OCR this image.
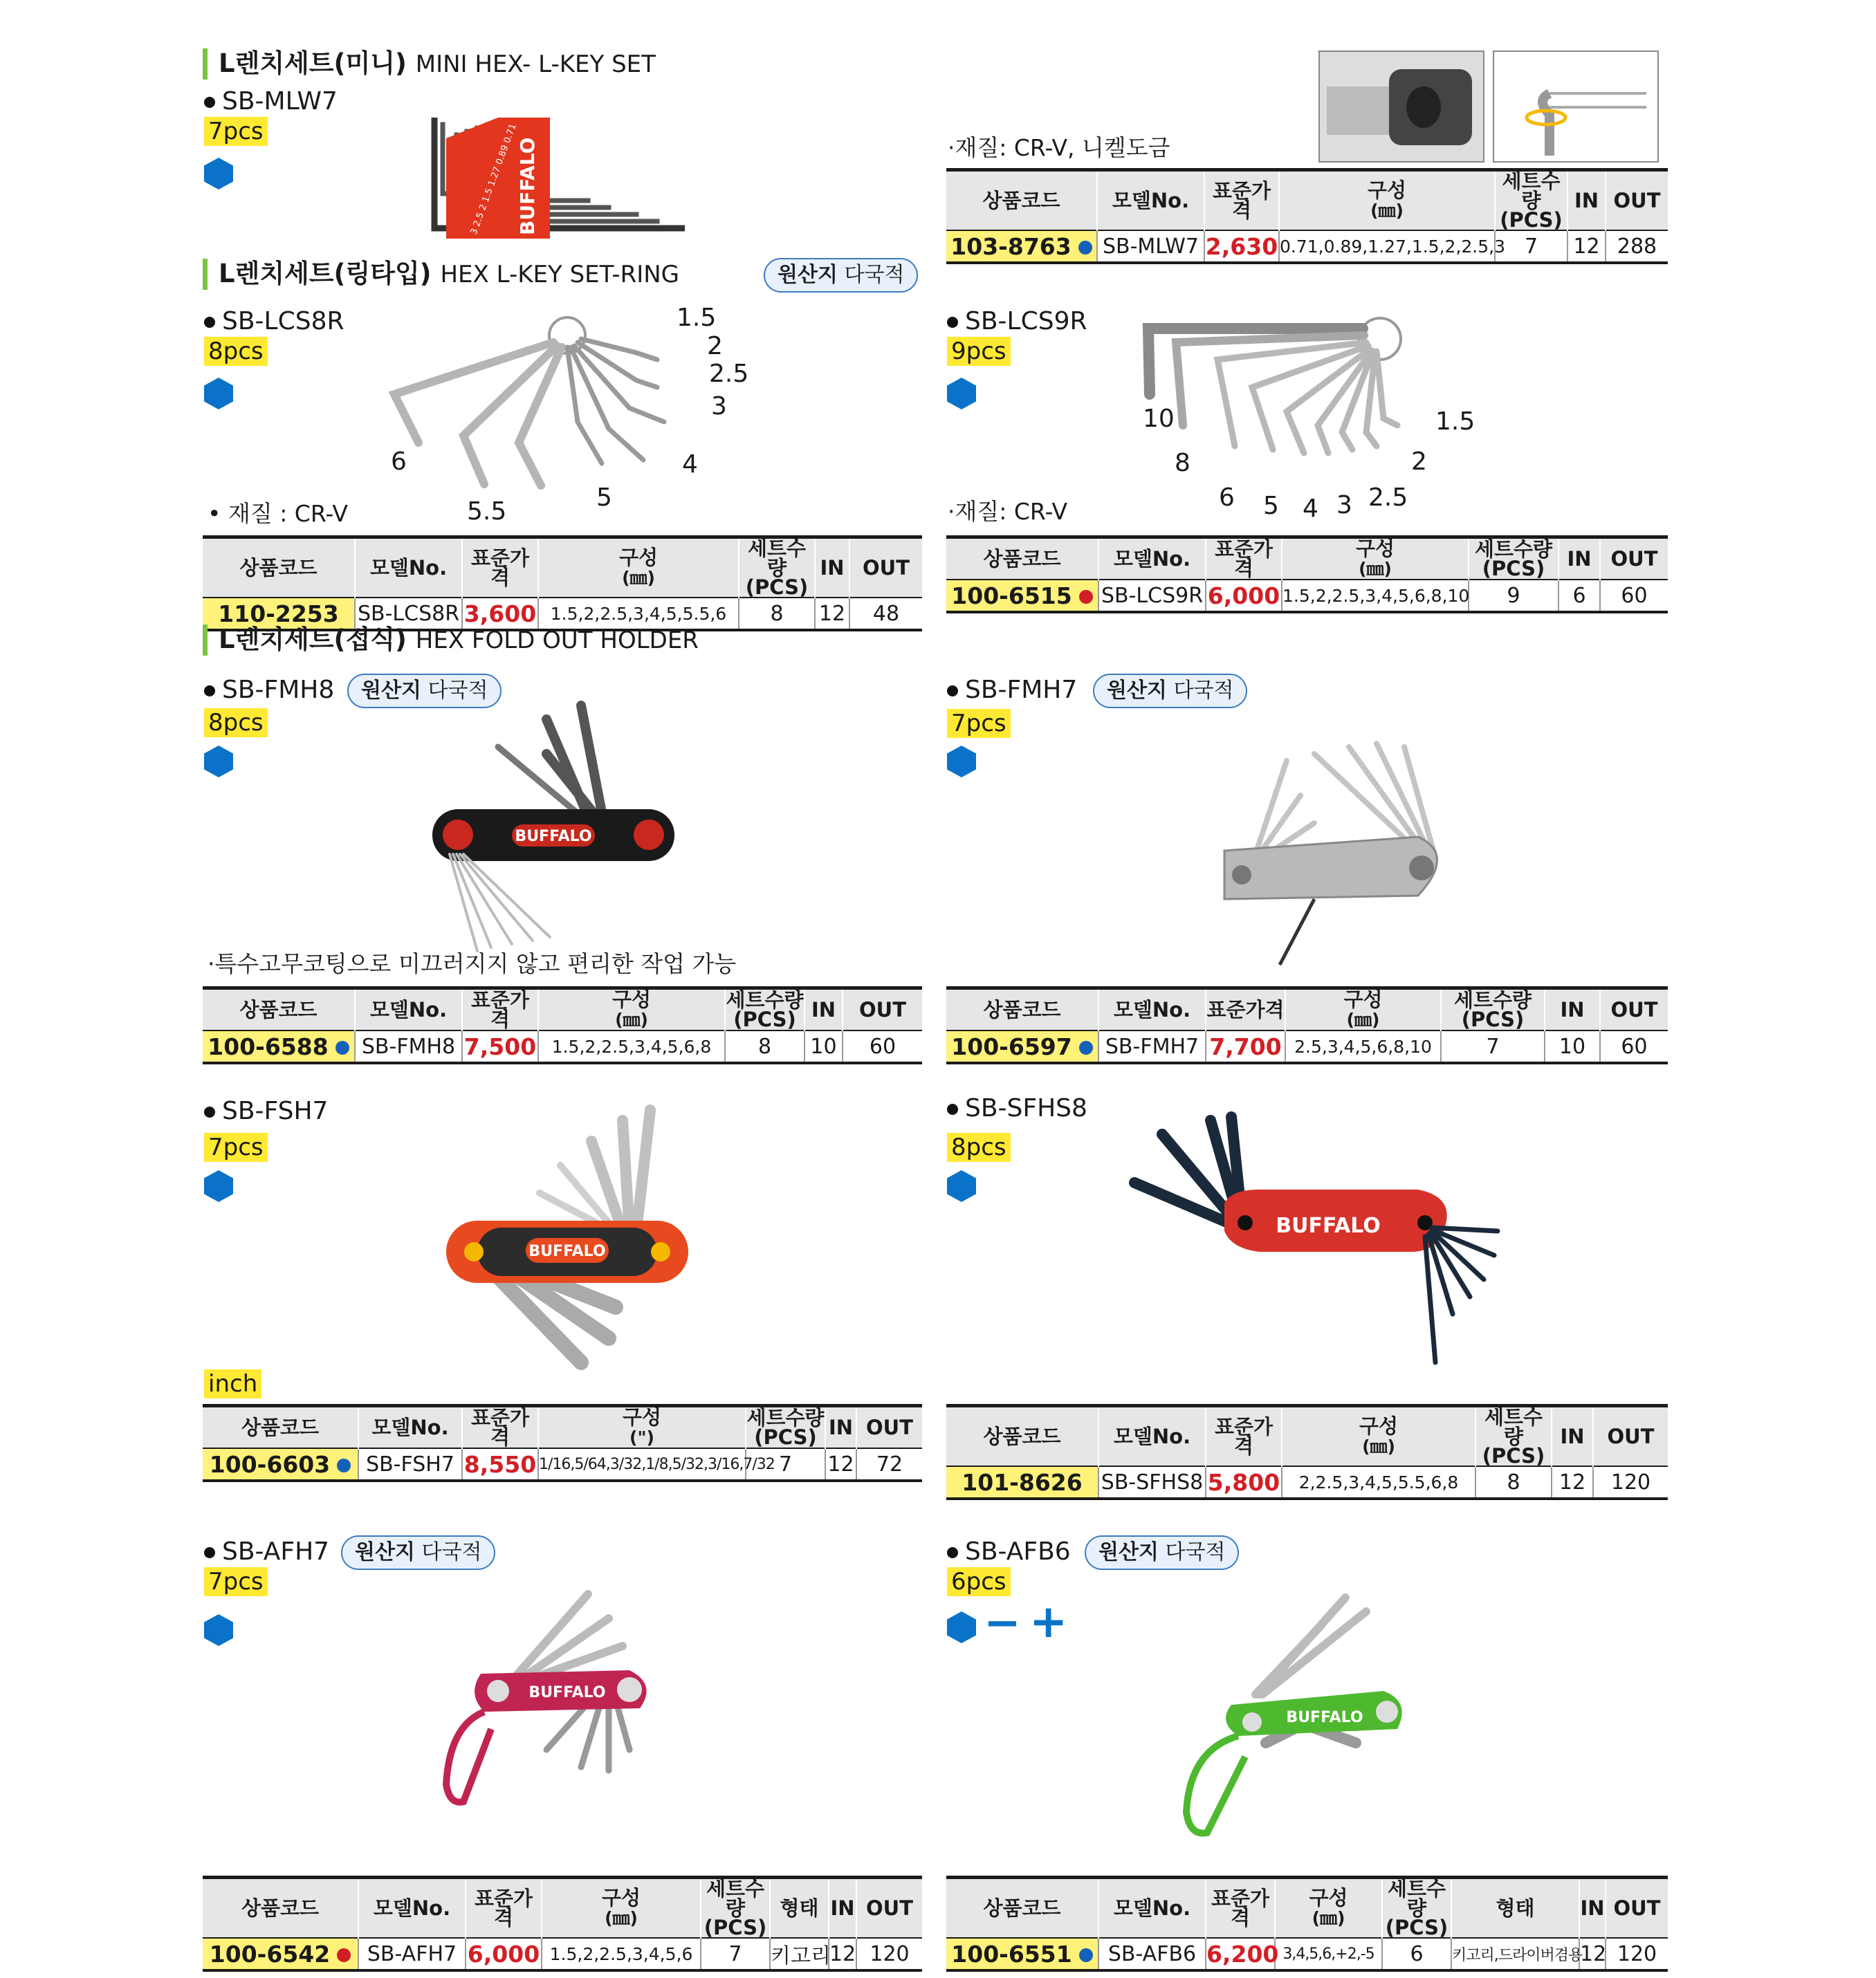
L렌치세트(미니) MINI HEX- L-KEY SET
SB-MLW7
7pcs
BUFFALO
3 2.5 2 1.5 1.27 0.89 0.71	·재질: CR-V, 니켈도금
상품코드	모델No.	표준가격	구성
(㎜)	세트수량
(PCS)	IN	OUT
103-8763	SB-MLW7	2,630	0.71,0.89,1.27,1.5,2,2.5,3	7	12	288
L렌치세트(링타입) HEX L-KEY SET-RING	원산지 다국적
SB-LCS8R
8pcs
1.5
2
2.5
3
4
5
5.5
6
• 재질 : CR-V
상품코드	모델No.	표준가격	구성
(㎜)	세트수량
(PCS)	IN	OUT
110-2253	SB-LCS8R	3,600	1.5,2,2.5,3,4,5,5.5,6	8	12	48
SB-LCS9R
9pcs
10
8
6 5 4 3 2.5
2
1.5
·재질: CR-V
상품코드	모델No.	표준가격	구성
(㎜)	세트수량
(PCS)	IN	OUT
100-6515	SB-LCS9R	6,000	1.5,2,2.5,3,4,5,6,8,10	9	6	60
L렌치세트(접식) HEX FOLD OUT HOLDER
SB-FMH8	원산지 다국적
8pcs
BUFFALO
·특수고무코팅으로 미끄러지지 않고 편리한 작업 가능
상품코드	모델No.	표준가격	구성
(㎜)	세트수량
(PCS)	IN	OUT
100-6588	SB-FMH8	7,500	1.5,2,2.5,3,4,5,6,8	8	10	60
SB-FMH7	원산지 다국적
7pcs
상품코드	모델No.	표준가격	구성
(㎜)	세트수량
(PCS)	IN	OUT
100-6597	SB-FMH7	7,700	2.5,3,4,5,6,8,10	7	10	60
SB-FSH7
7pcs
BUFFALO
inch
상품코드	모델No.	표준가격	구성
(")	세트수량
(PCS)	IN	OUT
100-6603	SB-FSH7	8,550	1/16,5/64,3/32,1/8,5/32,3/16,7/32	7	12	72
SB-SFHS8
8pcs
BUFFALO
상품코드	모델No.	표준가격	구성
(㎜)	세트수량
(PCS)	IN	OUT
101-8626	SB-SFHS8	5,800	2,2.5,3,4,5,5.5,6,8	8	12	120
SB-AFH7	원산지 다국적
7pcs
BUFFALO
상품코드	모델No.	표준가격	구성
(㎜)	세트수량
(PCS)	형태	IN	OUT
100-6542	SB-AFH7	6,000	1.5,2,2.5,3,4,5,6	7	키고리	12	120
SB-AFB6	원산지 다국적
6pcs
− +
BUFFALO
상품코드	모델No.	표준가격	구성
(㎜)	세트수량
(PCS)	형태	IN	OUT
100-6551	SB-AFB6	6,200	3,4,5,6,+2,-5	6	키고리,드라이버겸용	12	120
